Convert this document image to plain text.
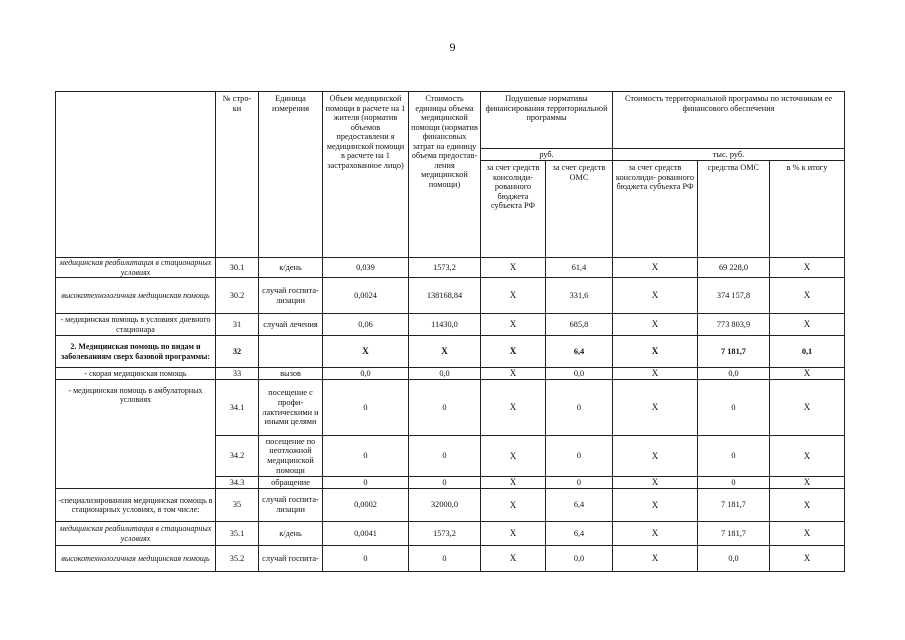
9
	№ стро- ки	Единица измерения	Объем медицинской помощи в расчете на 1 жителя (норматив объемов предоставлени я медицинской помощи в расчете на 1 застрахованное лицо)	Стоимость единицы объема медицинской помощи (норматив финансовых затрат на единицу объема предостав- ления медицинской помощи)	Подушевые нормативы финансирования территориальной программы		Стоимость территориальной программы по источникам ее финансового обеспечения		
					руб.		тыс. руб.		
					за счет средств консолиди- рованного бюджета субъекта РФ	за счет средств ОМС	за счет средств консолиди- рованного бюджета субъекта РФ	средства ОМС	в % к итогу
медицинская реабилитация в стационарных условиях	30.1	к/день	0,039	1573,2	X	61,4	X	69 228,0	X
высокотехнологичная медицинская помощь	30.2	случай госпита- лизации	0,0024	138168,84	X	331,6	X	374 157,8	X
- медицинская помощь в условиях дневного стационара	31	случай лечения	0,06	11430,0	X	685,8	X	773 803,9	X
2. Медицинская помощь по видам и заболеваниям сверх базовой программы:	32		X	X	X	6,4	X	7 181,7	0,1
- скорая медицинская помощь	33	вызов	0,0	0,0	X	0,0	X	0,0	X
- медицинская помощь в амбулаторных условиях	34.1	посещение с профи- лактическими и иными целями	0	0	X	0	X	0	X
	34.2	посещение по неотложной медицинской помощи	0	0	X	0	X	0	X
	34.3	обращение	0	0	X	0	X	0	X
-специализированная медицинская помощь в стационарных условиях, в том числе:	35	случай госпита- лизации	0,0002	32000,0	X	6,4	X	7 181,7	X
медицинская реабилитация в стационарных условиях	35.1	к/день	0,0041	1573,2	X	6,4	X	7 181,7	X
высокотехнологичная медицинская помощь	35.2	случай госпита-	0	0	X	0,0	X	0,0	X
